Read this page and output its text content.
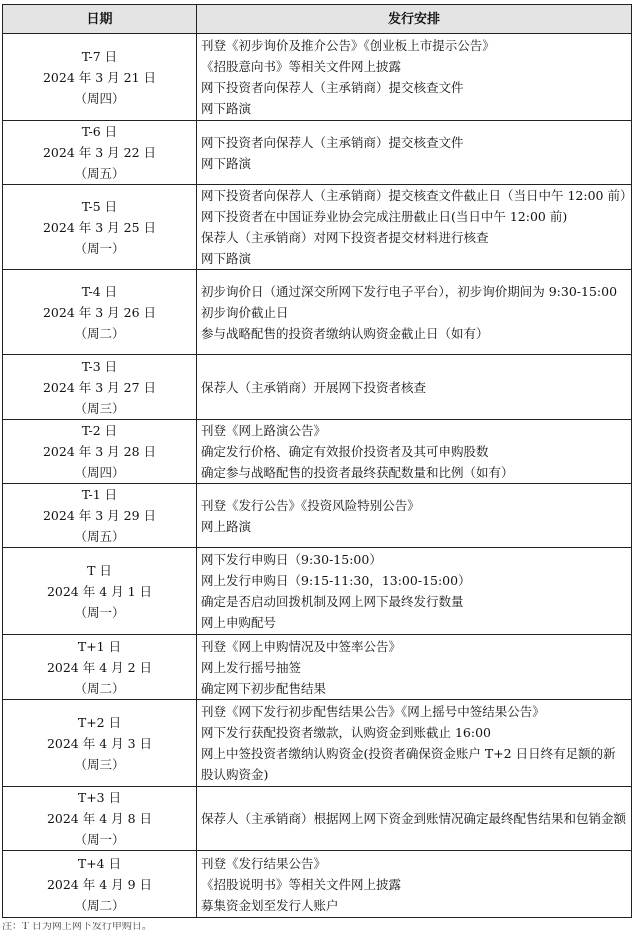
日期	发行安排

T-7 日
2024 年 3 月 21 日
（周四）	刊登《初步询价及推介公告》《创业板上市提示公告》
《招股意向书》等相关文件网上披露
网下投资者向保荐人（主承销商）提交核查文件
网下路演

T-6 日
2024 年 3 月 22 日
（周五）	网下投资者向保荐人（主承销商）提交核查文件
网下路演

T-5 日
2024 年 3 月 25 日
（周一）	网下投资者向保荐人（主承销商）提交核查文件截止日（当日中午 12:00 前）
网下投资者在中国证券业协会完成注册截止日(当日中午 12:00 前)
保荐人（主承销商）对网下投资者提交材料进行核查
网下路演

T-4 日
2024 年 3 月 26 日
（周二）	初步询价日（通过深交所网下发行电子平台），初步询价期间为 9:30-15:00
初步询价截止日
参与战略配售的投资者缴纳认购资金截止日（如有）

T-3 日
2024 年 3 月 27 日
（周三）	保荐人（主承销商）开展网下投资者核查

T-2 日
2024 年 3 月 28 日
（周四）	刊登《网上路演公告》
确定发行价格、确定有效报价投资者及其可申购股数
确定参与战略配售的投资者最终获配数量和比例（如有）

T-1 日
2024 年 3 月 29 日
（周五）	刊登《发行公告》《投资风险特别公告》
网上路演

T 日
2024 年 4 月 1 日
（周一）	网下发行申购日（9:30-15:00）
网上发行申购日（9:15-11:30，13:00-15:00）
确定是否启动回拨机制及网上网下最终发行数量
网上申购配号

T+1 日
2024 年 4 月 2 日
（周二）	刊登《网上申购情况及中签率公告》
网上发行摇号抽签
确定网下初步配售结果

T+2 日
2024 年 4 月 3 日
（周三）	刊登《网下发行初步配售结果公告》《网上摇号中签结果公告》
网下发行获配投资者缴款，认购资金到账截止 16:00
网上中签投资者缴纳认购资金(投资者确保资金账户 T+2 日日终有足额的新股认购资金)

T+3 日
2024 年 4 月 8 日
（周一）	保荐人（主承销商）根据网上网下资金到账情况确定最终配售结果和包销金额

T+4 日
2024 年 4 月 9 日
（周二）	刊登《发行结果公告》
《招股说明书》等相关文件网上披露
募集资金划至发行人账户
注：T 日为网上网下发行申购日。
